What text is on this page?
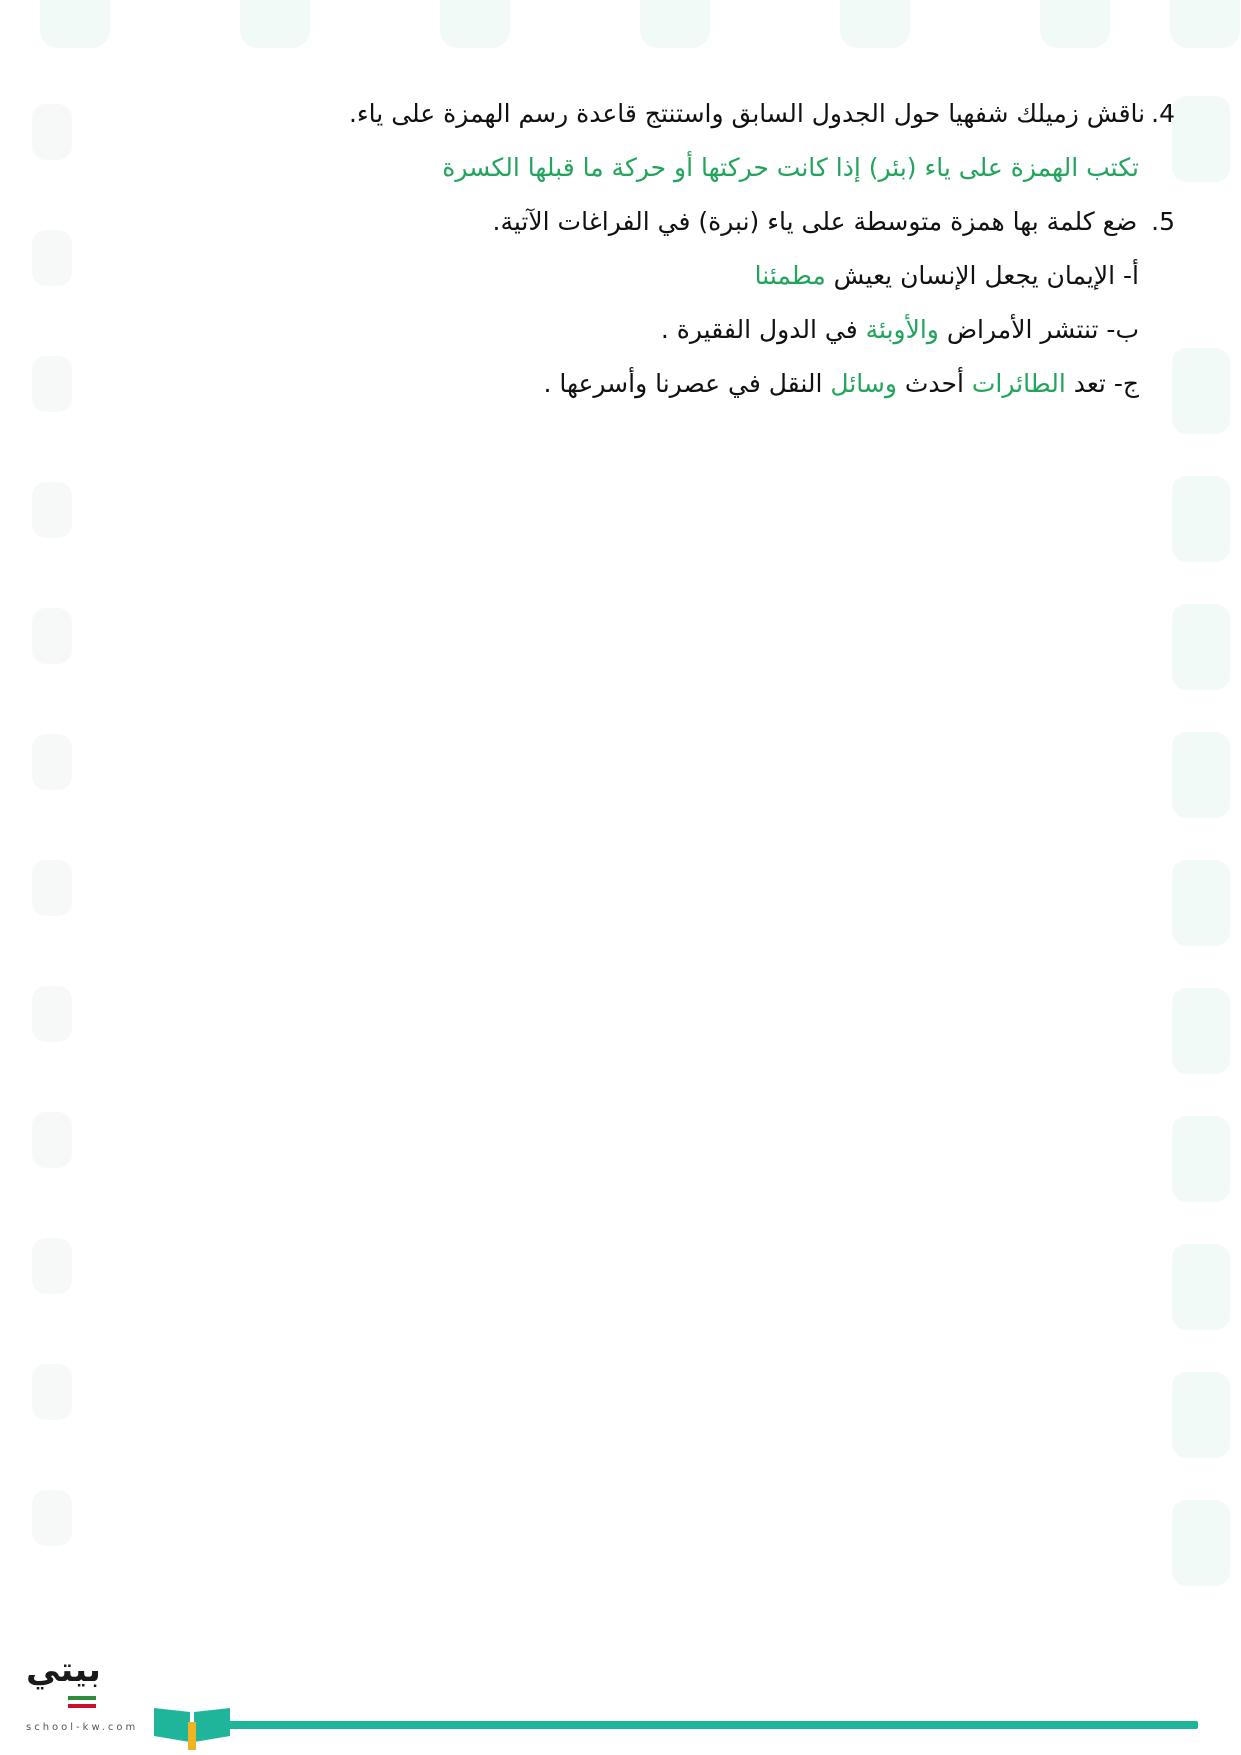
4.ناقش زميلك شفهيا حول الجدول السابق واستنتج قاعدة رسم الهمزة على ياء.
تكتب الهمزة على ياء (بئر) إذا كانت حركتها أو حركة ما قبلها الكسرة
5. ضع كلمة بها همزة متوسطة على ياء (نبرة) في الفراغات الآتية.
أ- الإيمان يجعل الإنسان يعيش مطمئنا
ب- تنتشر الأمراض والأوبئة في الدول الفقيرة .
ج- تعد الطائرات أحدث وسائل النقل في عصرنا وأسرعها .
بيتي
school-kw.com
